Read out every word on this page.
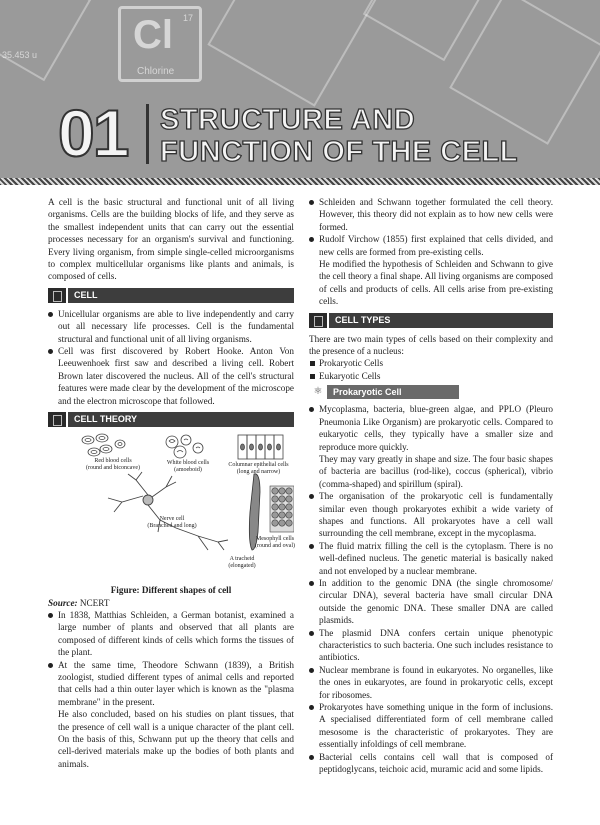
Cl 17
Chlorine
35.453 u
01 STRUCTURE AND
FUNCTION OF THE CELL

A cell is the basic structural and functional unit of all living organisms. Cells are the building blocks of life, and they serve as the smallest independent units that can carry out the essential processes necessary for an organism's survival and functioning. Every living organism, from simple single-celled microorganisms to complex multicellular organisms like plants and animals, is composed of cells.

CELL
Unicellular organisms are able to live independently and carry out all necessary life processes. Cell is the fundamental structural and functional unit of all living organisms.
Cell was first discovered by Robert Hooke. Anton Von Leeuwenhoek first saw and described a living cell. Robert Brown later discovered the nucleus. All of the cell's structural features were made clear by the development of the microscope and the electron microscope that followed.
CELL THEORY
Red blood cells
(round and biconcave)
White blood cells
(amoeboid)
Columnar epithelial cells
(long and narrow)
Nerve cell
(Branched and long)
A tracheid
(elongated)
Mesophyll cells
(round and oval)
Figure: Different shapes of cell
Source: NCERT
In 1838, Matthias Schleiden, a German botanist, examined a large number of plants and observed that all plants are composed of different kinds of cells which forms the tissues of the plant.
At the same time, Theodore Schwann (1839), a British zoologist, studied different types of animal cells and reported that cells had a thin outer layer which is known as the "plasma membrane" in the present.

He also concluded, based on his studies on plant tissues, that the presence of cell wall is a unique character of the plant cell. On the basis of this, Schwann put up the theory that cells and cell-derived materials make up the bodies of both plants and animals.

Schleiden and Schwann together formulated the cell theory. However, this theory did not explain as to how new cells were formed.
Rudolf Virchow (1855) first explained that cells divided, and new cells are formed from pre-existing cells.

He modified the hypothesis of Schleiden and Schwann to give the cell theory a final shape. All living organisms are composed of cells and products of cells. All cells arise from pre-existing cells.

CELL TYPES

There are two main types of cells based on their complexity and the presence of a nucleus:

Prokaryotic Cells
Eukaryotic Cells
⚛	Prokaryotic Cell
Mycoplasma, bacteria, blue-green algae, and PPLO (Pleuro Pneumonia Like Organism) are prokaryotic cells. Compared to eukaryotic cells, they typically have a smaller size and reproduce more quickly.

They may vary greatly in shape and size. The four basic shapes of bacteria are bacillus (rod-like), coccus (spherical), vibrio (comma-shaped) and spirillum (spiral).

The organisation of the prokaryotic cell is fundamentally similar even though prokaryotes exhibit a wide variety of shapes and functions. All prokaryotes have a cell wall surrounding the cell membrane, except in the mycoplasma.
The fluid matrix filling the cell is the cytoplasm. There is no well-defined nucleus. The genetic material is basically naked and not enveloped by a nuclear membrane.
In addition to the genomic DNA (the single chromosome/ circular DNA), several bacteria have small circular DNA outside the genomic DNA. These smaller DNA are called plasmids.
The plasmid DNA confers certain unique phenotypic characteristics to such bacteria. One such includes resistance to antibiotics.
Nuclear membrane is found in eukaryotes. No organelles, like the ones in eukaryotes, are found in prokaryotic cells, except for ribosomes.
Prokaryotes have something unique in the form of inclusions. A specialised differentiated form of cell membrane called mesosome is the characteristic of prokaryotes. They are essentially infoldings of cell membrane.
Bacterial cells contains cell wall that is composed of peptidoglycans, teichoic acid, muramic acid and some lipids.
